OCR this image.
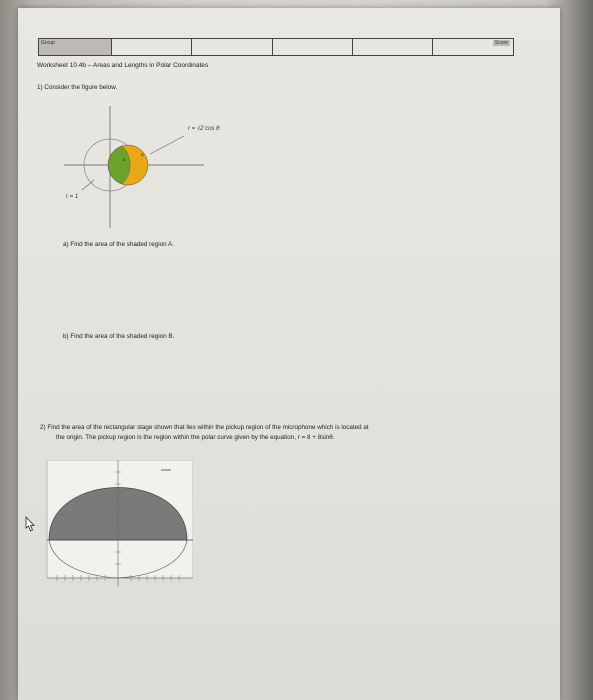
Group	Score
Worksheet 10.4b – Areas and Lengths in Polar Coordinates
1) Consider the figure below.
A
B
r = √2 cos θ
r = 1
a) Find the area of the shaded region A.
b) Find the area of the shaded region B.
2) Find the area of the rectangular stage shown that lies within the pickup region of the microphone which is located at
the origin. The pickup region is the region within the polar curve given by the equation, r = 8 + 8sinθ.
